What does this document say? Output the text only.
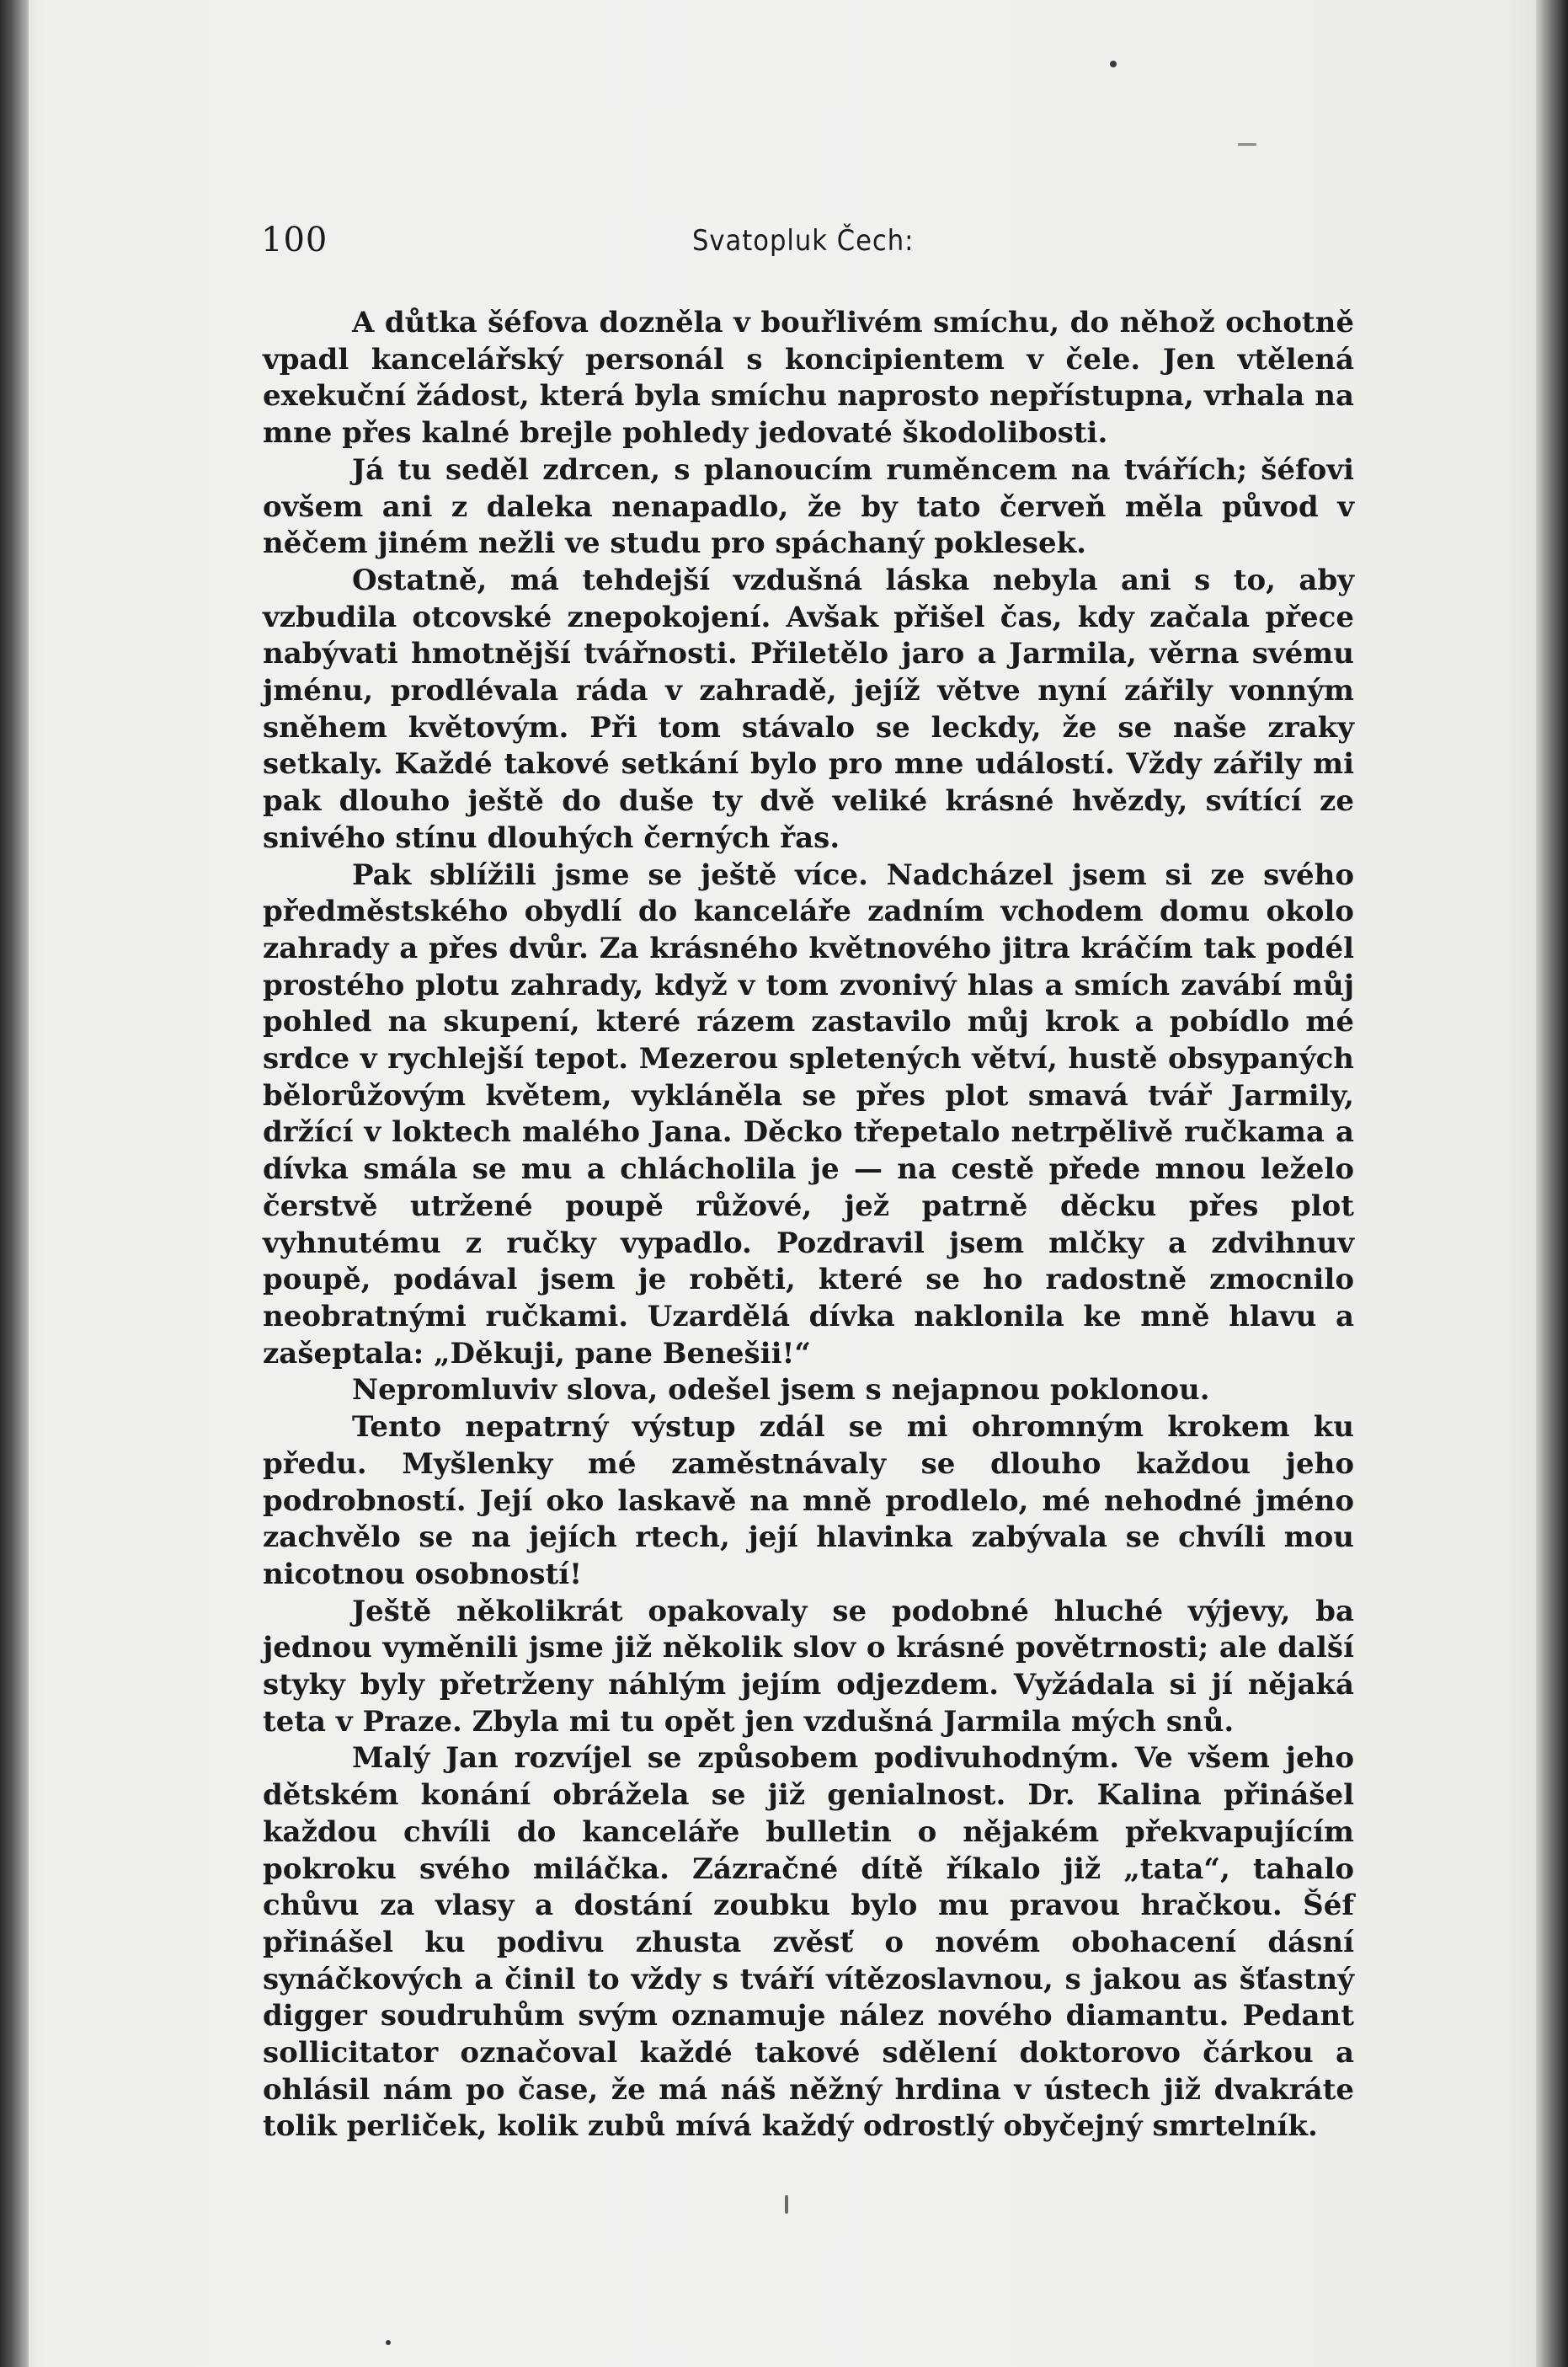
100	Svatopluk Čech:

A důtka šéfova dozněla v bouřlivém smíchu, do něhož ochotně vpadl kancelářský personál s koncipientem v čele. Jen vtělená exekuční žádost, která byla smíchu naprosto nepřístupna, vrhala na mne přes kalné brejle pohledy jedovaté škodolibosti.

Já tu seděl zdrcen, s planoucím ruměncem na tvářích; šéfovi ovšem ani z daleka nenapadlo, že by tato červeň měla původ v něčem jiném nežli ve studu pro spáchaný poklesek.

Ostatně, má tehdejší vzdušná láska nebyla ani s to, aby vzbudila otcovské znepokojení. Avšak přišel čas, kdy začala přece nabývati hmotnější tvářnosti. Přiletělo jaro a Jarmila, věrna svému jménu, prodlévala ráda v zahradě, jejíž větve nyní zářily vonným sněhem květovým. Při tom stávalo se leckdy, že se naše zraky setkaly. Každé takové setkání bylo pro mne událostí. Vždy zářily mi pak dlouho ještě do duše ty dvě veliké krásné hvězdy, svítící ze snivého stínu dlouhých černých řas.

Pak sblížili jsme se ještě více. Nadcházel jsem si ze svého předměstského obydlí do kanceláře zadním vchodem domu okolo zahrady a přes dvůr. Za krásného květnového jitra kráčím tak podél prostého plotu zahrady, když v tom zvonivý hlas a smích zavábí můj pohled na skupení, které rázem zastavilo můj krok a pobídlo mé srdce v rychlejší tepot. Mezerou spletených větví, hustě obsypaných bělorůžovým květem, vykláněla se přes plot smavá tvář Jarmily, držící v loktech malého Jana. Děcko třepetalo netrpělivě ručkama a dívka smála se mu a chlácholila je — na cestě přede mnou leželo čerstvě utržené poupě růžové, jež patrně děcku přes plot vyhnutému z ručky vypadlo. Pozdravil jsem mlčky a zdvihnuv poupě, podával jsem je roběti, které se ho radostně zmocnilo neobratnými ručkami. Uzardělá dívka naklonila ke mně hlavu a zašeptala: „Děkuji, pane Benešii!“

Nepromluviv slova, odešel jsem s nejapnou poklonou.

Tento nepatrný výstup zdál se mi ohromným krokem ku předu. Myšlenky mé zaměstnávaly se dlouho každou jeho podrobností. Její oko laskavě na mně prodlelo, mé nehodné jméno zachvělo se na jejích rtech, její hlavinka zabývala se chvíli mou nicotnou osobností!

Ještě několikrát opakovaly se podobné hluché výjevy, ba jednou vyměnili jsme již několik slov o krásné povětrnosti; ale další styky byly přetrženy náhlým jejím odjezdem. Vyžádala si jí nějaká teta v Praze. Zbyla mi tu opět jen vzdušná Jarmila mých snů.

Malý Jan rozvíjel se způsobem podivuhodným. Ve všem jeho dětském konání obrážela se již genialnost. Dr. Kalina přinášel každou chvíli do kanceláře bulletin o nějakém překvapujícím pokroku svého miláčka. Zázračné dítě říkalo již „tata“, tahalo chůvu za vlasy a dostání zoubku bylo mu pravou hračkou. Šéf přinášel ku podivu zhusta zvěsť o novém obohacení dásní synáčkových a činil to vždy s tváří vítězoslavnou, s jakou as šťastný digger soudruhům svým oznamuje nález nového diamantu. Pedant sollicitator označoval každé takové sdělení doktorovo čárkou a ohlásil nám po čase, že má náš něžný hrdina v ústech již dvakráte tolik perliček, kolik zubů mívá každý odrostlý obyčejný smrtelník.
